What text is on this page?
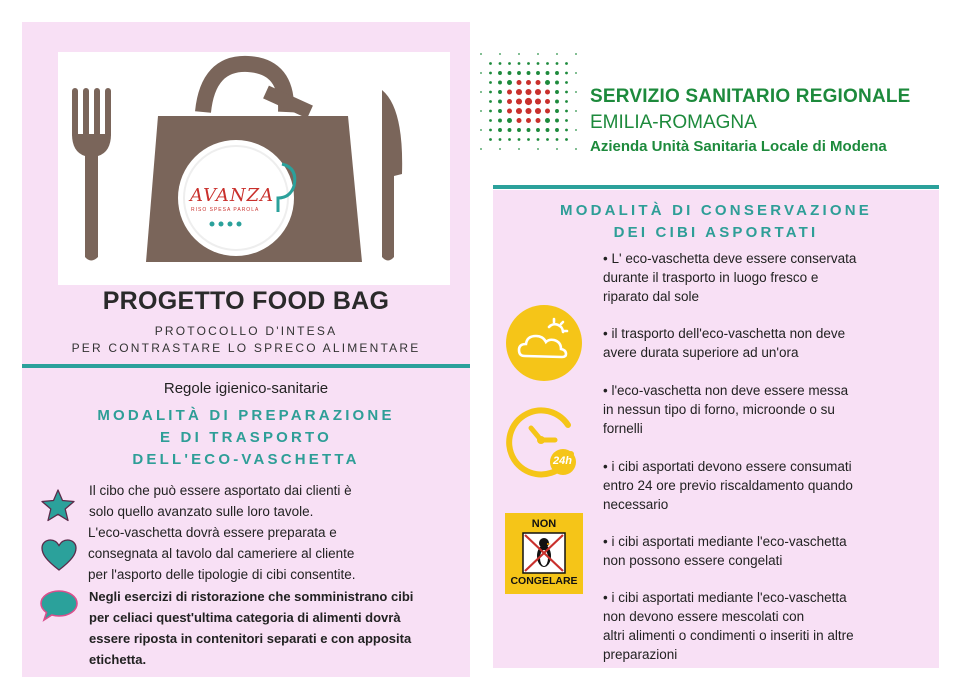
AVANZA
RISO SPESA PAROLA
PROGETTO FOOD BAG
PROTOCOLLO D'INTESA
PER CONTRASTARE LO SPRECO ALIMENTARE
Regole igienico-sanitarie
MODALITÀ DI PREPARAZIONE
E DI TRASPORTO
DELL'ECO-VASCHETTA
Il cibo che può essere asportato dai clienti è
solo quello avanzato sulle loro tavole.
L'eco-vaschetta dovrà essere preparata e
consegnata al tavolo dal cameriere al cliente
per l'asporto delle tipologie di cibi consentite.
Negli esercizi di ristorazione che somministrano cibi
per celiaci quest'ultima categoria di alimenti dovrà
essere riposta in contenitori separati e con apposita
etichetta.
SERVIZIO SANITARIO REGIONALE
EMILIA-ROMAGNA
Azienda Unità Sanitaria Locale di Modena
MODALITÀ DI CONSERVAZIONE
DEI CIBI ASPORTATI
24h
NON
CONGELARE
• L' eco-vaschetta deve essere conservata
durante il trasporto in luogo fresco e
riparato dal sole
• il trasporto dell'eco-vaschetta non deve
avere durata superiore ad un'ora
• l'eco-vaschetta non deve essere messa
in nessun tipo di forno, microonde o su
fornelli
• i cibi asportati devono essere consumati
entro 24 ore previo riscaldamento quando
necessario
• i cibi asportati mediante l'eco-vaschetta
non possono essere congelati
• i cibi asportati mediante l'eco-vaschetta
non devono essere mescolati con
altri alimenti o condimenti o inseriti in altre
preparazioni
